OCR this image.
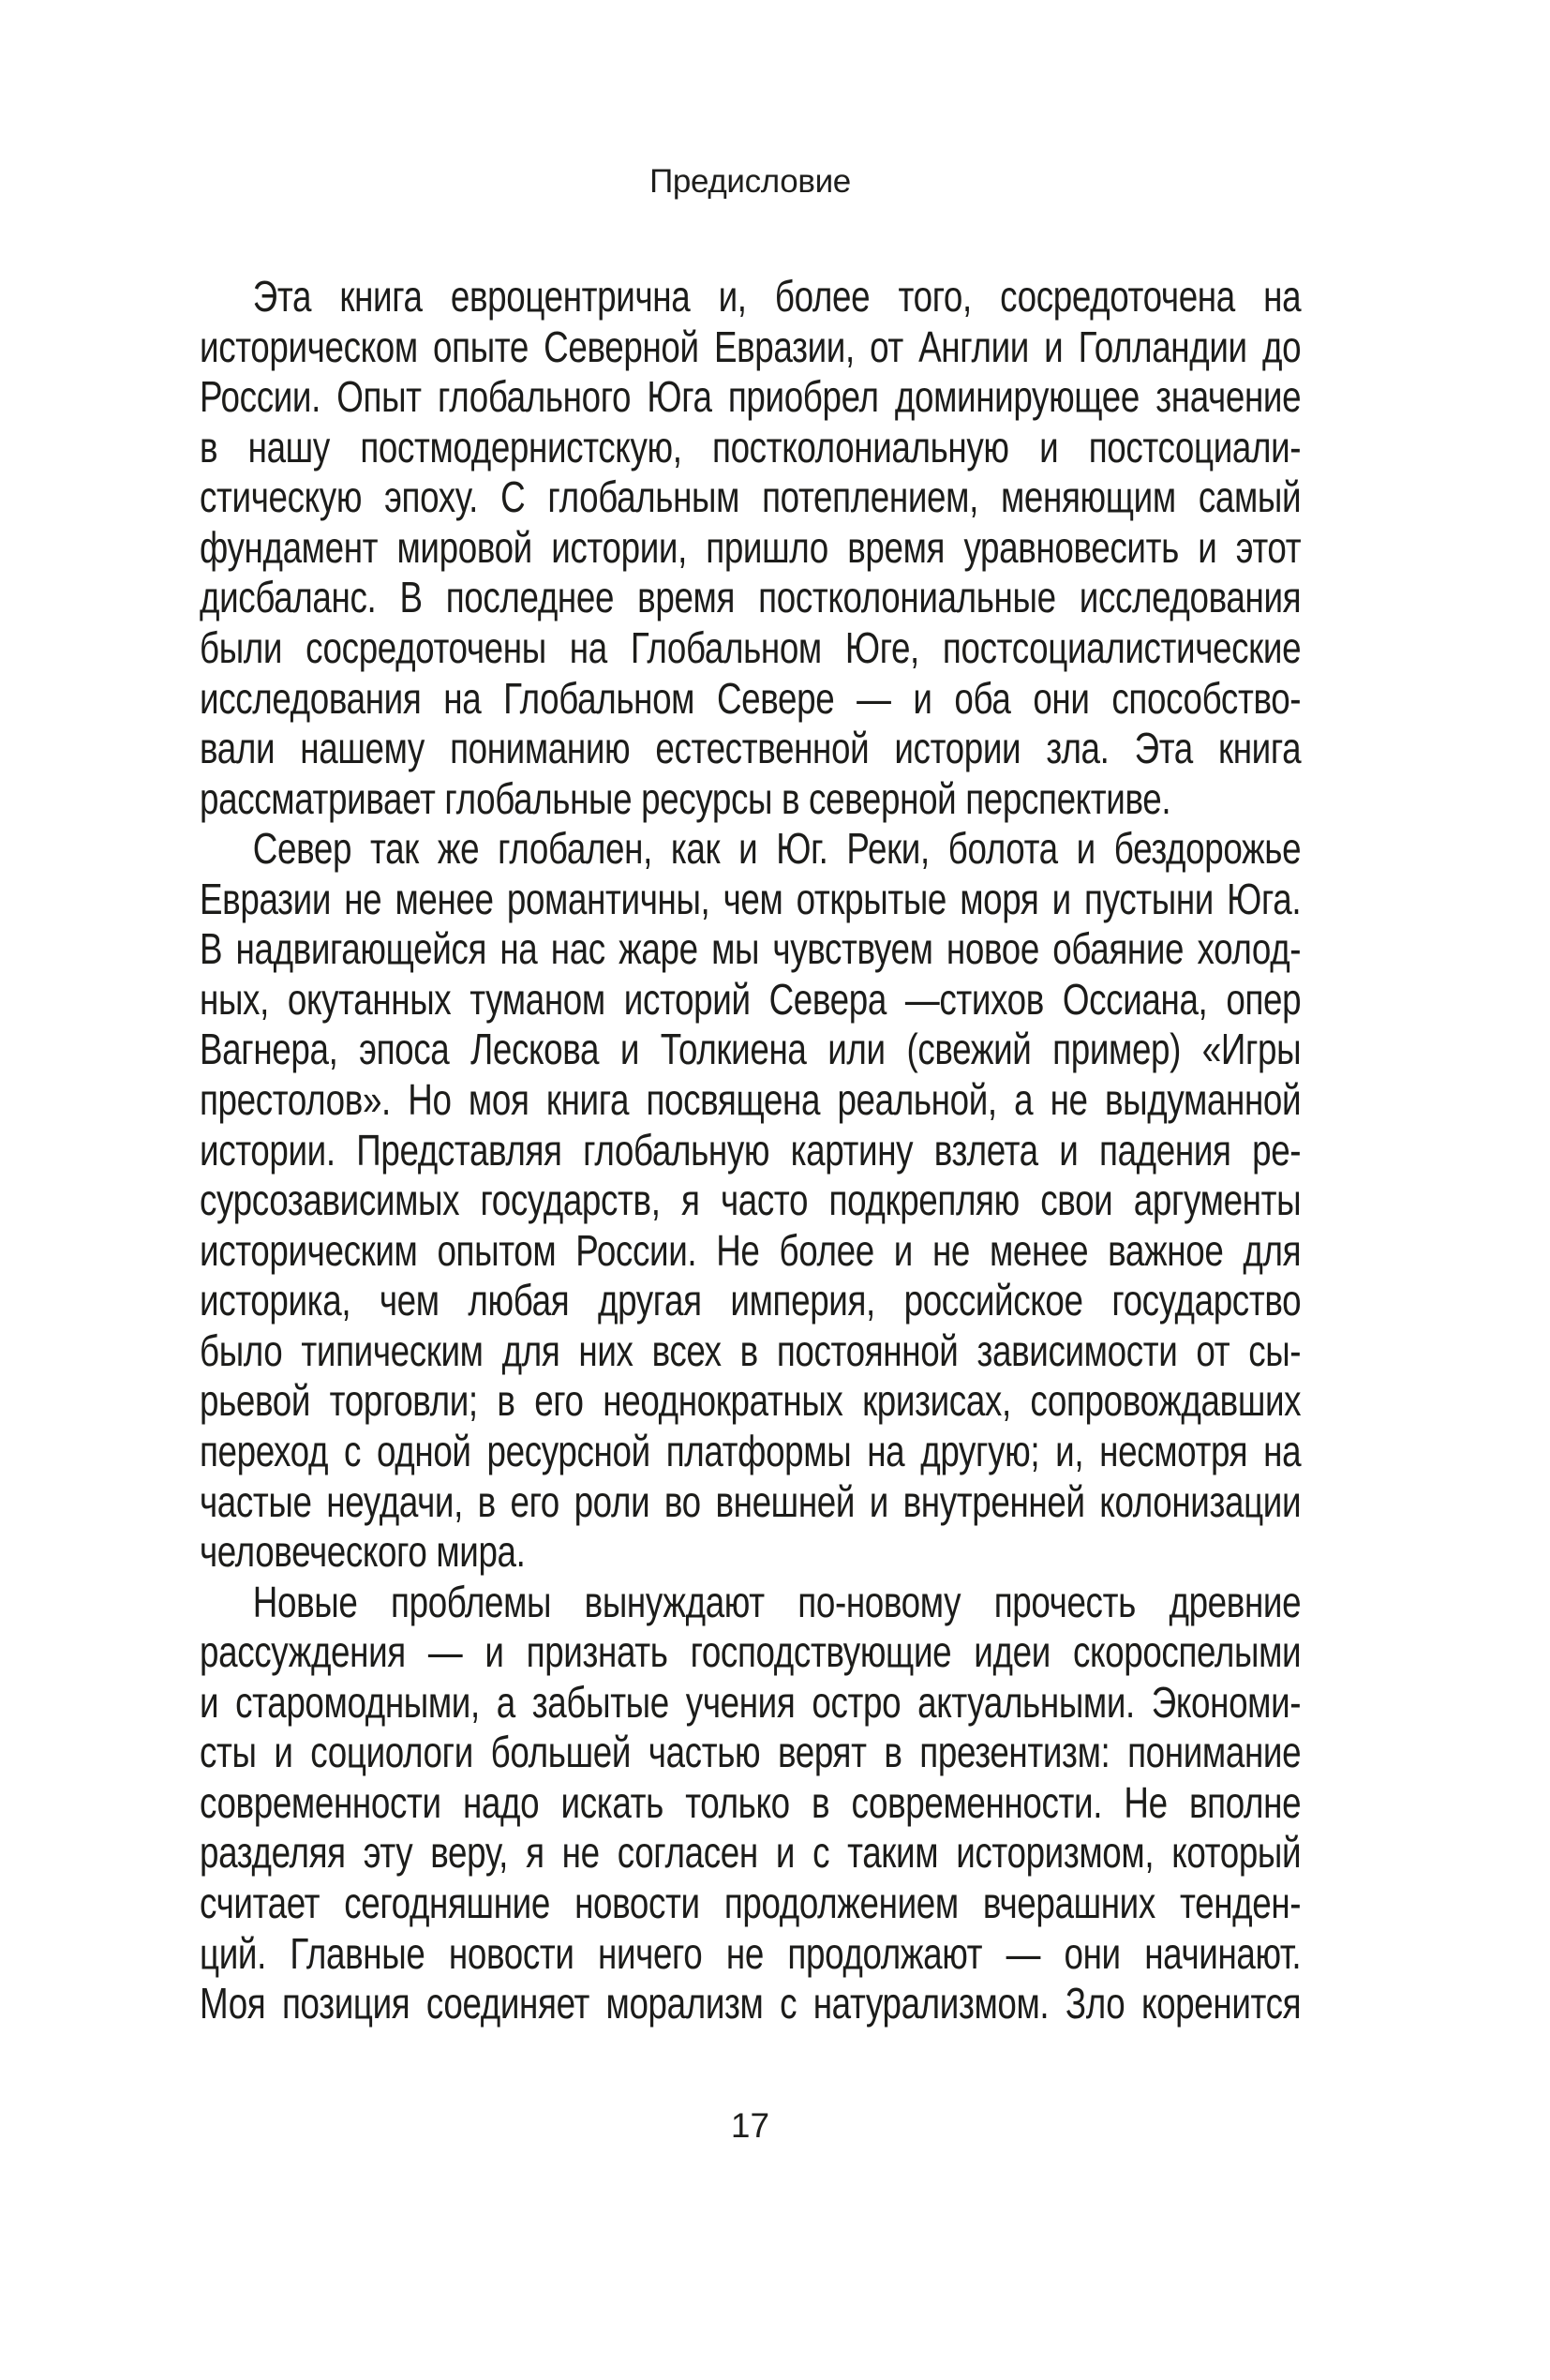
Предисловие
Эта книга евроцентрична и, более того, сосредоточена на
историческом опыте Северной Евразии, от Англии и Голландии до
России. Опыт глобального Юга приобрел доминирующее значение
в нашу постмодернистскую, постколониальную и постсоциали-
стическую эпоху. С глобальным потеплением, меняющим самый
фундамент мировой истории, пришло время уравновесить и этот
дисбаланс. В последнее время постколониальные исследования
были сосредоточены на Глобальном Юге, постсоциалистические
исследования на Глобальном Севере — и оба они способство-
вали нашему пониманию естественной истории зла. Эта книга
рассматривает глобальные ресурсы в северной перспективе.
Север так же глобален, как и Юг. Реки, болота и бездорожье
Евразии не менее романтичны, чем открытые моря и пустыни Юга.
В надвигающейся на нас жаре мы чувствуем новое обаяние холод-
ных, окутанных туманом историй Севера —стихов Оссиана, опер
Вагнера, эпоса Лескова и Толкиена или (свежий пример) «Игры
престолов». Но моя книга посвящена реальной, а не выдуманной
истории. Представляя глобальную картину взлета и падения ре-
сурсозависимых государств, я часто подкрепляю свои аргументы
историческим опытом России. Не более и не менее важное для
историка, чем любая другая империя, российское государство
было типическим для них всех в постоянной зависимости от сы-
рьевой торговли; в его неоднократных кризисах, сопровождавших
переход с одной ресурсной платформы на другую; и, несмотря на
частые неудачи, в его роли во внешней и внутренней колонизации
человеческого мира.
Новые проблемы вынуждают по-новому прочесть древние
рассуждения — и признать господствующие идеи скороспелыми
и старомодными, а забытые учения остро актуальными. Экономи-
сты и социологи большей частью верят в презентизм: понимание
современности надо искать только в современности. Не вполне
разделяя эту веру, я не согласен и с таким историзмом, который
считает сегодняшние новости продолжением вчерашних тенден-
ций. Главные новости ничего не продолжают — они начинают.
Моя позиция соединяет морализм с натурализмом. Зло коренится
17
